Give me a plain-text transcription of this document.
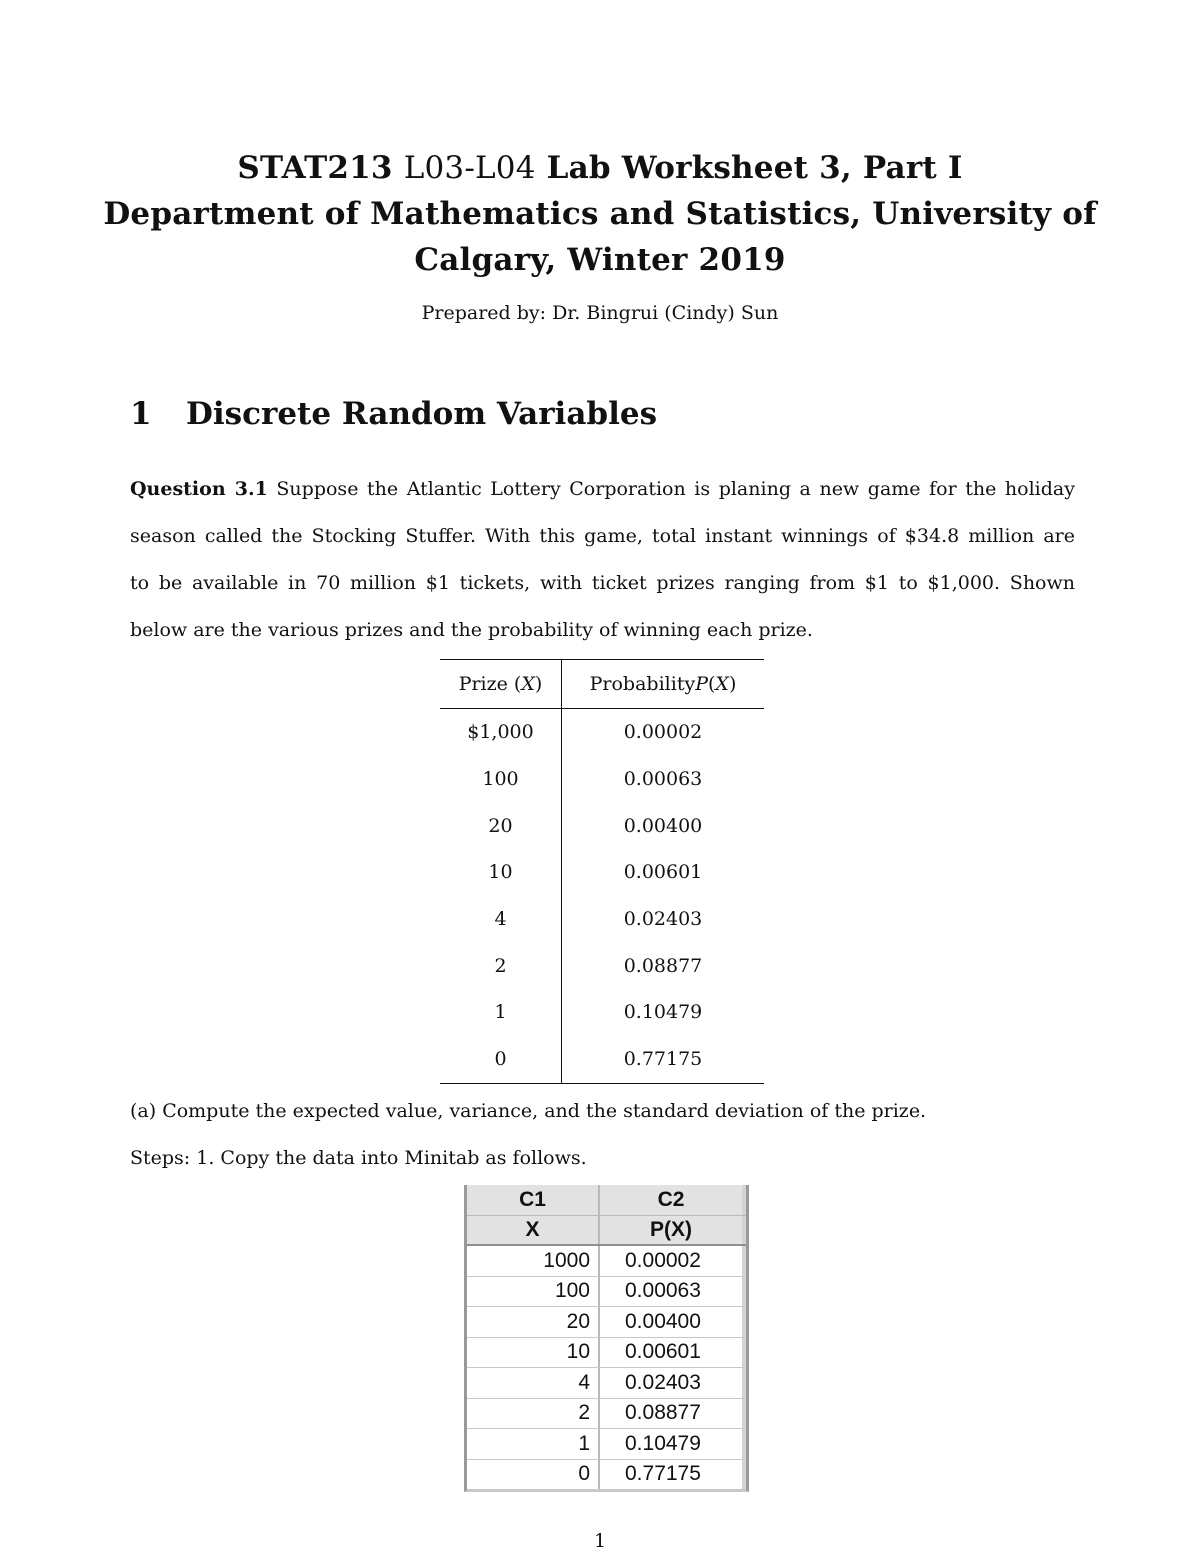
STAT213 L03-L04 Lab Worksheet 3, Part I
Department of Mathematics and Statistics, University of
Calgary, Winter 2019
Prepared by: Dr. Bingrui (Cindy) Sun
1 Discrete Random Variables
Question 3.1 Suppose the Atlantic Lottery Corporation is planing a new game for the holiday
season called the Stocking Stuffer. With this game, total instant winnings of $34.8 million are
to be available in 70 million $1 tickets, with ticket prizes ranging from $1 to $1,000. Shown
below are the various prizes and the probability of winning each prize.
Prize ( X ) Probability P ( X )
$1,000	0.00002
100	0.00063
20	0.00400
10	0.00601
4	0.02403
2	0.08877
1	0.10479
0	0.77175
(a) Compute the expected value, variance, and the standard deviation of the prize.
Steps: 1. Copy the data into Minitab as follows.
C1	C2
X	P(X)
1000	0.00002
100	0.00063
20	0.00400
10	0.00601
4	0.02403
2	0.08877
1	0.10479
0	0.77175
1
